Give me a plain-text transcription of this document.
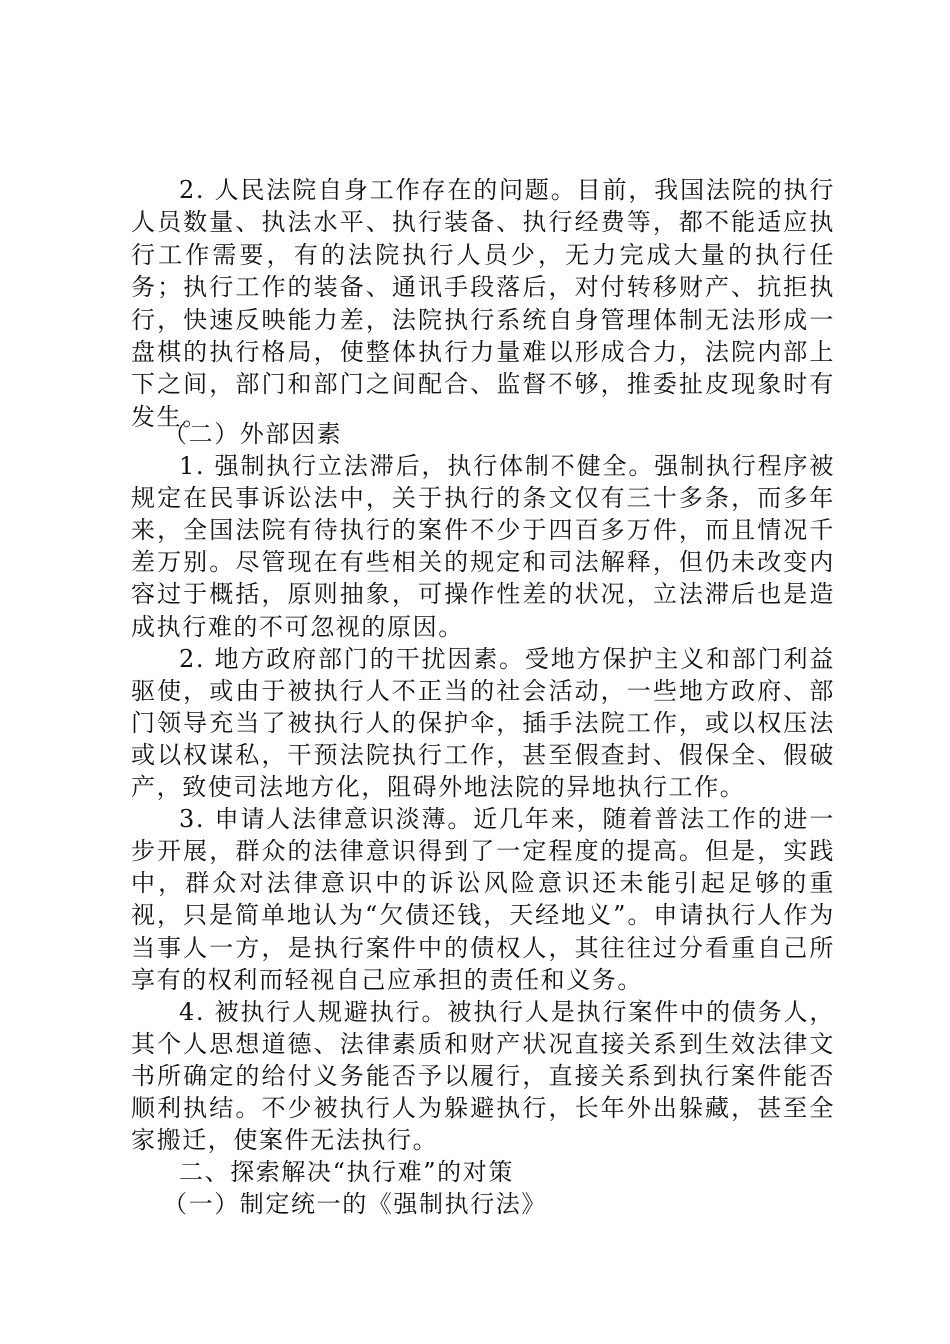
2. 人民法院自身工作存在的问题。目前，我国法院的执行人员数量、执法水平、执行装备、执行经费等，都不能适应执行工作需要，有的法院执行人员少，无力完成大量的执行任务；执行工作的装备、通讯手段落后，对付转移财产、抗拒执行，快速反映能力差，法院执行系统自身管理体制无法形成一盘棋的执行格局，使整体执行力量难以形成合力，法院内部上下之间，部门和部门之间配合、监督不够，推委扯皮现象时有发生。

（二）外部因素

1. 强制执行立法滞后，执行体制不健全。强制执行程序被规定在民事诉讼法中，关于执行的条文仅有三十多条，而多年来，全国法院有待执行的案件不少于四百多万件，而且情况千差万别。尽管现在有些相关的规定和司法解释，但仍未改变内容过于概括，原则抽象，可操作性差的状况，立法滞后也是造成执行难的不可忽视的原因。

2. 地方政府部门的干扰因素。受地方保护主义和部门利益驱使，或由于被执行人不正当的社会活动，一些地方政府、部门领导充当了被执行人的保护伞，插手法院工作，或以权压法或以权谋私，干预法院执行工作，甚至假查封、假保全、假破产，致使司法地方化，阻碍外地法院的异地执行工作。

3. 申请人法律意识淡薄。近几年来，随着普法工作的进一步开展，群众的法律意识得到了一定程度的提高。但是，实践中，群众对法律意识中的诉讼风险意识还未能引起足够的重视，只是简单地认为“欠债还钱，天经地义”。申请执行人作为当事人一方，是执行案件中的债权人，其往往过分看重自己所享有的权利而轻视自己应承担的责任和义务。

4. 被执行人规避执行。被执行人是执行案件中的债务人，其个人思想道德、法律素质和财产状况直接关系到生效法律文书所确定的给付义务能否予以履行，直接关系到执行案件能否顺利执结。不少被执行人为躲避执行，长年外出躲藏，甚至全家搬迁，使案件无法执行。

二、探索解决“执行难”的对策

（一）制定统一的《强制执行法》
